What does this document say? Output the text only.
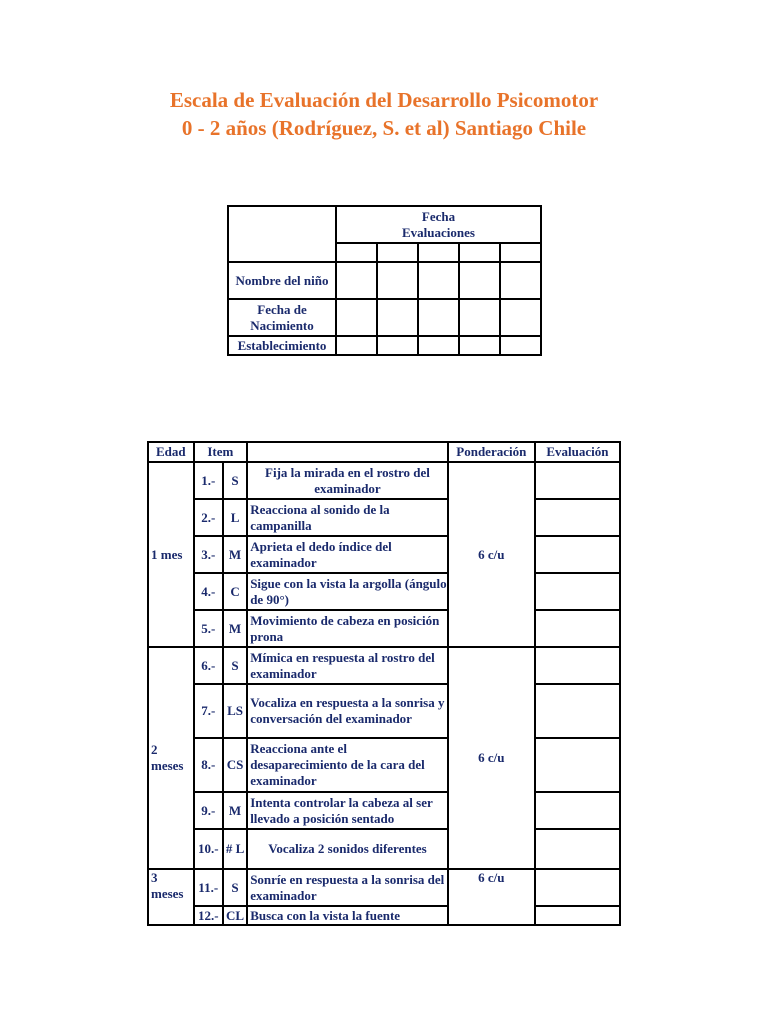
Escala de Evaluación del Desarrollo Psicomotor
0 - 2 años (Rodríguez, S. et al) Santiago Chile

	Fecha
Evaluaciones				

Nombre del niño					
Fecha de Nacimiento					
Establecimiento					
Edad	Item			Ponderación	Evaluación
1 mes	1.-	S	Fija la mirada en el rostro del examinador	6 c/u	
	2.-	L	Reacciona al sonido de la campanilla		
	3.-	M	Aprieta el dedo índice del examinador		
	4.-	C	Sigue con la vista la argolla (ángulo de 90°)		
	5.-	M	Movimiento de cabeza en posición prona		
2 meses	6.-	S	Mímica en respuesta al rostro del examinador	6 c/u	
	7.-	LS	Vocaliza en respuesta a la sonrisa y conversación del examinador		
	8.-	CS	Reacciona ante el desaparecimiento de la cara del examinador		
	9.-	M	Intenta controlar la cabeza al ser llevado a posición sentado		
	10.-	# L	Vocaliza 2 sonidos diferentes		
3 meses	11.-	S	Sonríe en respuesta a la sonrisa del examinador	6 c/u	
	12.-	CL	Busca con la vista la fuente		
